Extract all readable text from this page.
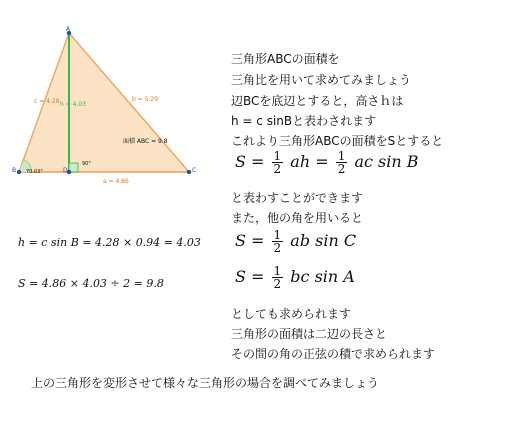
A
B	C
D
c = 4.28	b = 5.29
a = 4.86
h = 4.03
面積 ABC = 9.8
70.03°
90°
三角形ABCの面積を
三角比を用いて求めてみましょう
辺BCを底辺とすると，高さｈは
h = c sinBと表わされます
これより三角形ABCの面積をSとすると
$S = \frac{1}{2}$ ah = $\frac{1}{2}$ ac sin B
と表わすことができます
また，他の角を用いると
$S = \frac{1}{2}$ ab sin C
$S = \frac{1}{2}$ bc sin A
としても求められます
三角形の面積は二辺の長さと
その間の角の正弦の積で求められます
h = c sin B = 4.28 × 0.94 = 4.03
S = 4.86 × 4.03 ÷ 2 = 9.8
上の三角形を変形させて様々な三角形の場合を調べてみましょう
